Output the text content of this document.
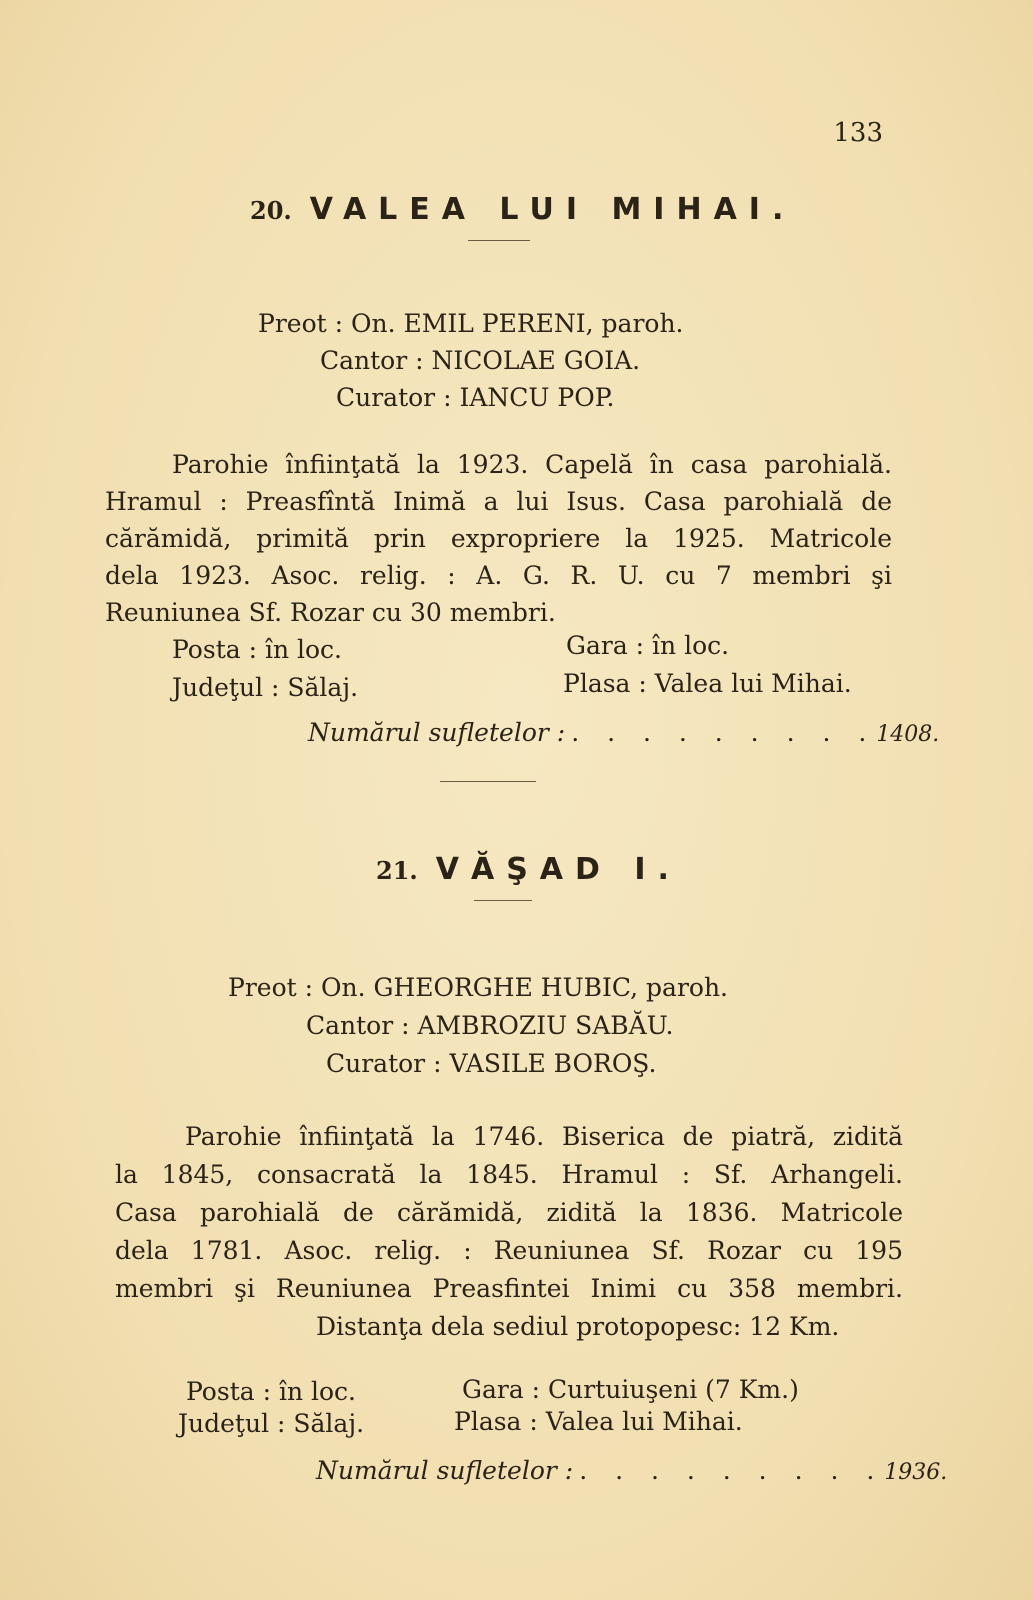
133
20. VALEA LUI MIHAI.
Preot : On. EMIL PERENI, paroh.
Cantor : NICOLAE GOIA.
Curator : IANCU POP.
Parohie înfiinţată la 1923. Capelă în casa parohială.
Hramul : Preasfîntă Inimă a lui Isus. Casa parohială de
cărămidă, primită prin expropriere la 1925. Matricole
dela 1923. Asoc. relig. : A. G. R. U. cu 7 membri şi
Reuniunea Sf. Rozar cu 30 membri.
Posta : în loc.	Gara : în loc.
Judeţul : Sălaj.	Plasa : Valea lui Mihai.
Numărul sufletelor : . . . . . . . . . 1408.
21. VĂŞAD I.
Preot : On. GHEORGHE HUBIC, paroh.
Cantor : AMBROZIU SABĂU.
Curator : VASILE BOROŞ.
Parohie înfiinţată la 1746. Biserica de piatră, zidită
la 1845, consacrată la 1845. Hramul : Sf. Arhangeli.
Casa parohială de cărămidă, zidită la 1836. Matricole
dela 1781. Asoc. relig. : Reuniunea Sf. Rozar cu 195
membri şi Reuniunea Preasfintei Inimi cu 358 membri.
Distanţa dela sediul protopopesc: 12 Km.
Posta : în loc.	Gara : Curtuiuşeni (7 Km.)
Judeţul : Sălaj.	Plasa : Valea lui Mihai.
Numărul sufletelor : . . . . . . . . . 1936.
